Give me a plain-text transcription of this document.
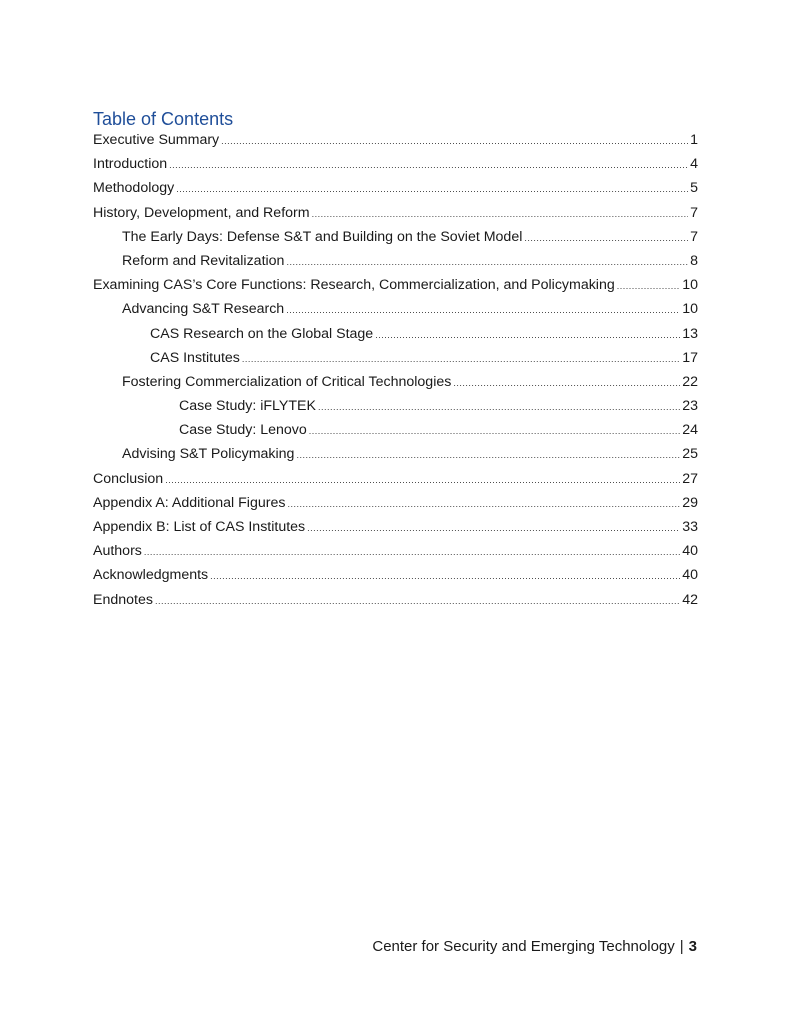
Table of Contents
Executive Summary .....	1
Introduction .....	4
Methodology .....	5
History, Development, and Reform .....	7
The Early Days: Defense S&T and Building on the Soviet Model .....	7
Reform and Revitalization .....	8
Examining CAS’s Core Functions: Research, Commercialization, and Policymaking .....	10
Advancing S&T Research .....	10
CAS Research on the Global Stage .....	13
CAS Institutes .....	17
Fostering Commercialization of Critical Technologies .....	22
Case Study: iFLYTEK .....	23
Case Study: Lenovo .....	24
Advising S&T Policymaking .....	25
Conclusion .....	27
Appendix A: Additional Figures .....	29
Appendix B: List of CAS Institutes .....	33
Authors .....	40
Acknowledgments .....	40
Endnotes .....	42
Center for Security and Emerging Technology | 3
